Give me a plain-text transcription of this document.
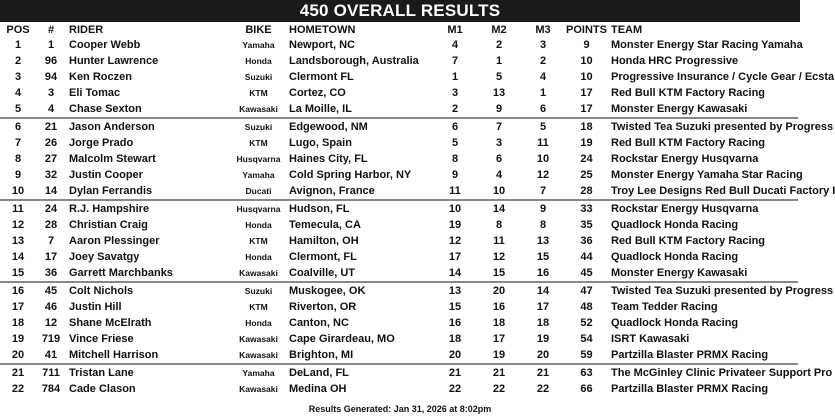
450 OVERALL RESULTS
POS	#	RIDER	BIKE	HOMETOWN	M1	M2	M3	POINTS	TEAM
1	1	Cooper Webb	Yamaha	Newport, NC	4	2	3	9	Monster Energy Star Racing Yamaha
2	96	Hunter Lawrence	Honda	Landsborough, Australia	7	1	2	10	Honda HRC Progressive
3	94	Ken Roczen	Suzuki	Clermont FL	1	5	4	10	Progressive Insurance / Cycle Gear / Ecsta
4	3	Eli Tomac	KTM	Cortez, CO	3	13	1	17	Red Bull KTM Factory Racing
5	4	Chase Sexton	Kawasaki	La Moille, IL	2	9	6	17	Monster Energy Kawasaki
6	21	Jason Anderson	Suzuki	Edgewood, NM	6	7	5	18	Twisted Tea Suzuki presented by Progress
7	26	Jorge Prado	KTM	Lugo, Spain	5	3	11	19	Red Bull KTM Factory Racing
8	27	Malcolm Stewart	Husqvarna	Haines City, FL	8	6	10	24	Rockstar Energy Husqvarna
9	32	Justin Cooper	Yamaha	Cold Spring Harbor, NY	9	4	12	25	Monster Energy Yamaha Star Racing
10	14	Dylan Ferrandis	Ducati	Avignon, France	11	10	7	28	Troy Lee Designs Red Bull Ducati Factory I
11	24	R.J. Hampshire	Husqvarna	Hudson, FL	10	14	9	33	Rockstar Energy Husqvarna
12	28	Christian Craig	Honda	Temecula, CA	19	8	8	35	Quadlock Honda Racing
13	7	Aaron Plessinger	KTM	Hamilton, OH	12	11	13	36	Red Bull KTM Factory Racing
14	17	Joey Savatgy	Honda	Clermont, FL	17	12	15	44	Quadlock Honda Racing
15	36	Garrett Marchbanks	Kawasaki	Coalville, UT	14	15	16	45	Monster Energy Kawasaki
16	45	Colt Nichols	Suzuki	Muskogee, OK	13	20	14	47	Twisted Tea Suzuki presented by Progress
17	46	Justin Hill	KTM	Riverton, OR	15	16	17	48	Team Tedder Racing
18	12	Shane McElrath	Honda	Canton, NC	16	18	18	52	Quadlock Honda Racing
19	719	Vince Friese	Kawasaki	Cape Girardeau, MO	18	17	19	54	ISRT Kawasaki
20	41	Mitchell Harrison	Kawasaki	Brighton, MI	20	19	20	59	Partzilla Blaster PRMX Racing
21	711	Tristan Lane	Yamaha	DeLand, FL	21	21	21	63	The McGinley Clinic Privateer Support Pro
22	784	Cade Clason	Kawasaki	Medina OH	22	22	22	66	Partzilla Blaster PRMX Racing
Results Generated: Jan 31, 2026 at 8:02pm
